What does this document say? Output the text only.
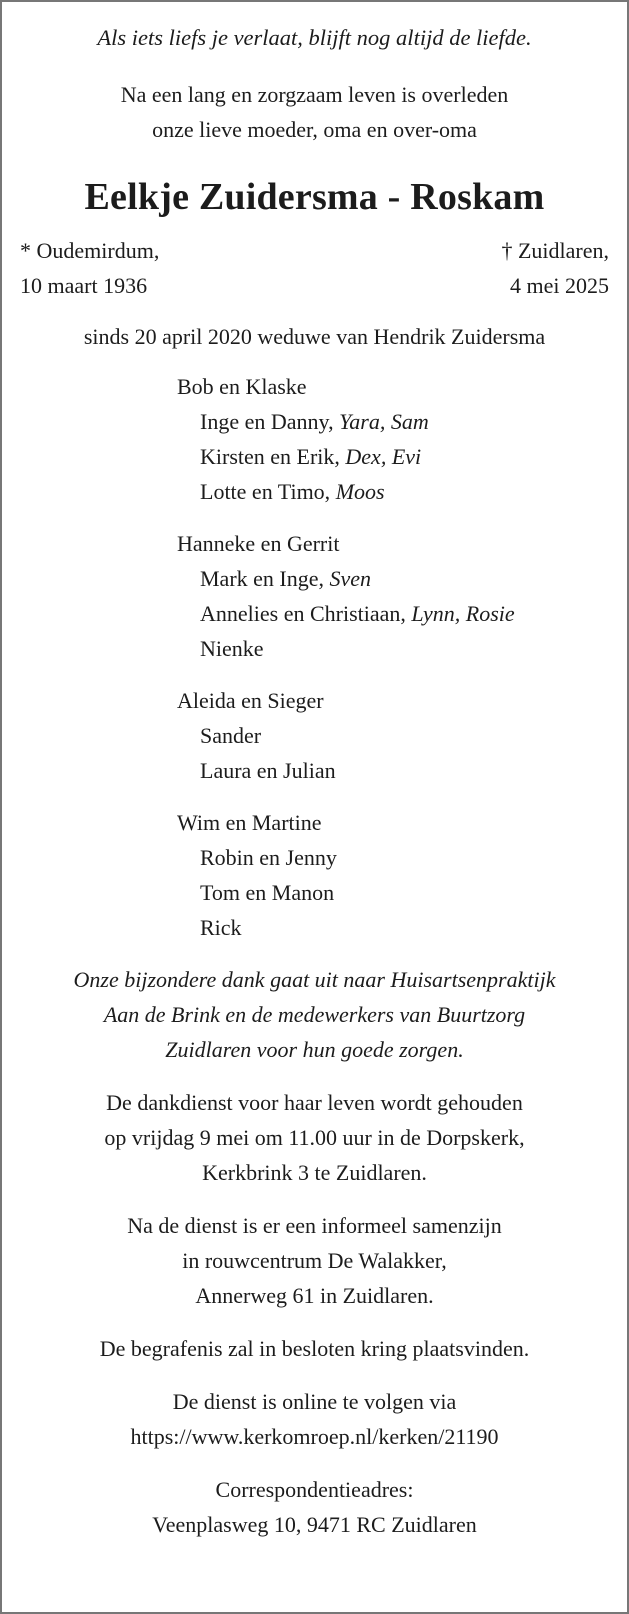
Als iets liefs je verlaat, blijft nog altijd de liefde.

Na een lang en zorgzaam leven is overleden
onze lieve moeder, oma en over-oma

Eelkje Zuidersma - Roskam
* Oudemirdum,
10 maart 1936
† Zuidlaren,
4 mei 2025

sinds 20 april 2020 weduwe van Hendrik Zuidersma

Bob en Klaske
Inge en Danny, Yara, Sam
Kirsten en Erik, Dex, Evi
Lotte en Timo, Moos
Hanneke en Gerrit
Mark en Inge, Sven
Annelies en Christiaan, Lynn, Rosie
Nienke
Aleida en Sieger
Sander
Laura en Julian
Wim en Martine
Robin en Jenny
Tom en Manon
Rick

Onze bijzondere dank gaat uit naar Huisartsenpraktijk
Aan de Brink en de medewerkers van Buurtzorg
Zuidlaren voor hun goede zorgen.

De dankdienst voor haar leven wordt gehouden
op vrijdag 9 mei om 11.00 uur in de Dorpskerk,
Kerkbrink 3 te Zuidlaren.

Na de dienst is er een informeel samenzijn
in rouwcentrum De Walakker,
Annerweg 61 in Zuidlaren.

De begrafenis zal in besloten kring plaatsvinden.

De dienst is online te volgen via
https://www.kerkomroep.nl/kerken/21190

Correspondentieadres:
Veenplasweg 10, 9471 RC Zuidlaren
